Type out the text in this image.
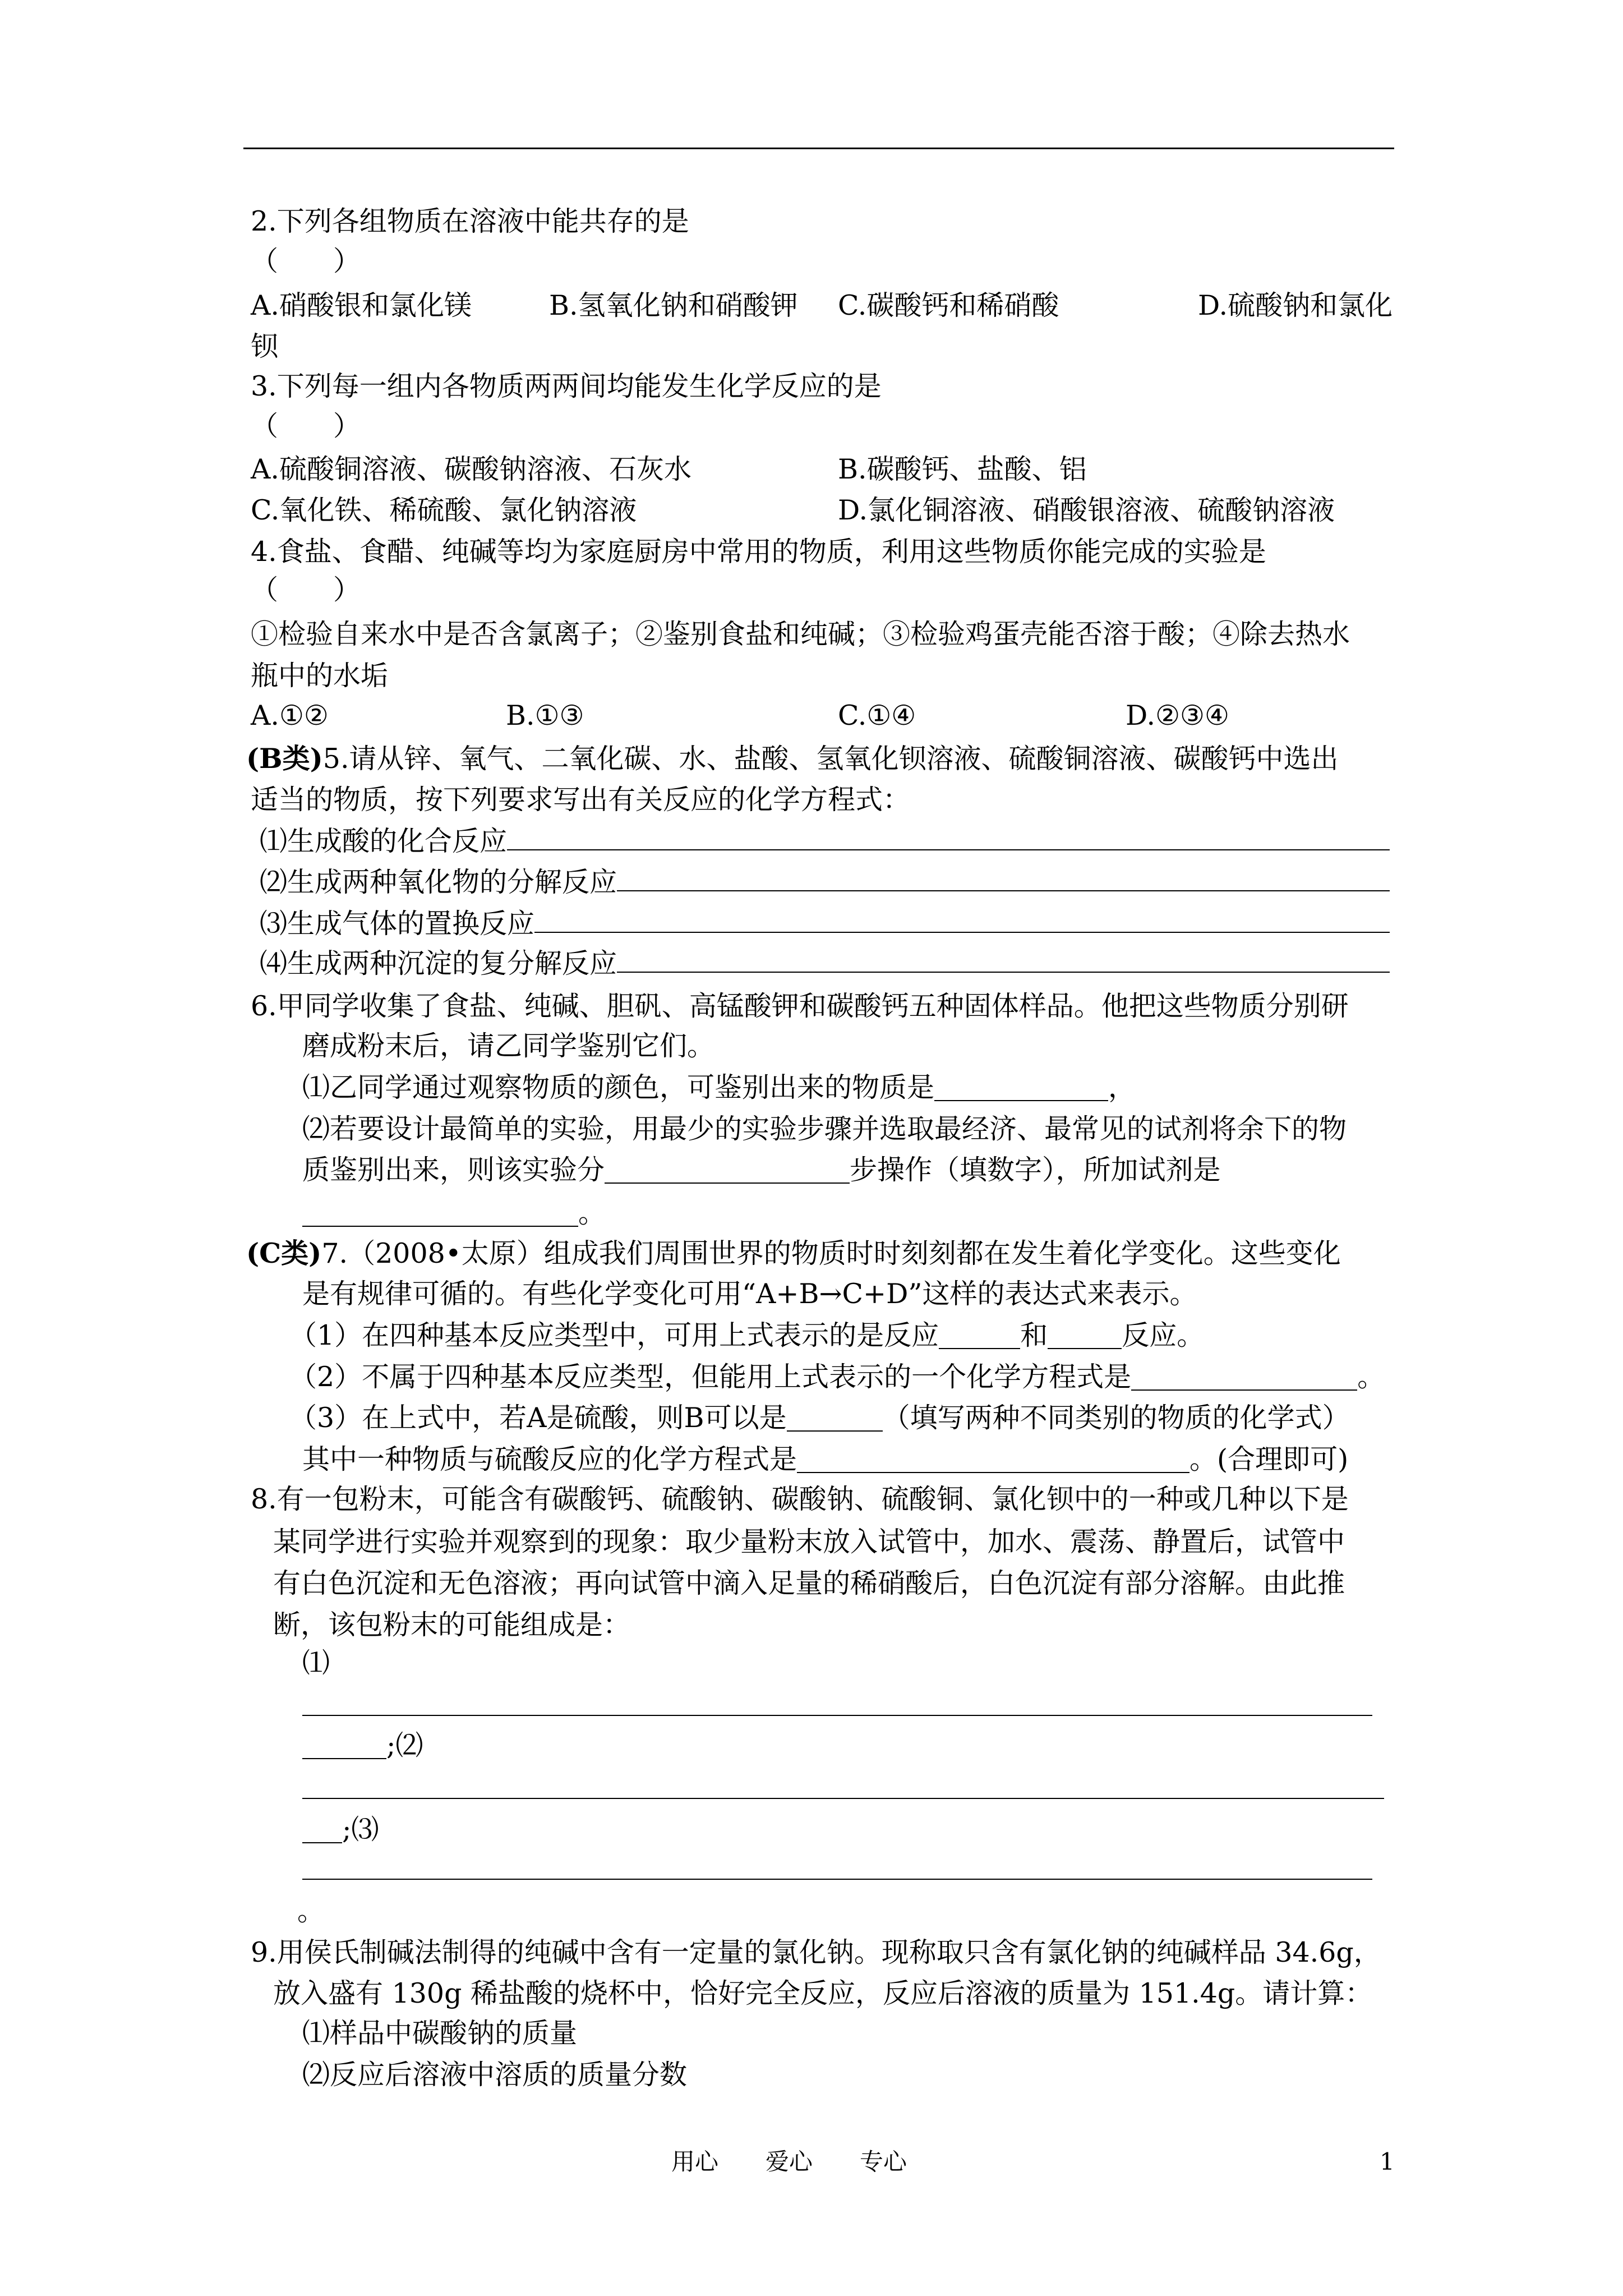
2.下列各组物质在溶液中能共存的是
（　　）
A.硝酸银和氯化镁	B.氢氧化钠和硝酸钾 C.碳酸钙和稀硝酸	D.硫酸钠和氯化
钡
3.下列每一组内各物质两两间均能发生化学反应的是
（　　）
A.硫酸铜溶液、碳酸钠溶液、石灰水	B.碳酸钙、盐酸、铝
C.氧化铁、稀硫酸、氯化钠溶液	D.氯化铜溶液、硝酸银溶液、硫酸钠溶液
4.食盐、食醋、纯碱等均为家庭厨房中常用的物质，利用这些物质你能完成的实验是
（　　）
①检验自来水中是否含氯离子；②鉴别食盐和纯碱；③检验鸡蛋壳能否溶于酸；④除去热水
瓶中的水垢
A.①②	B.①③	C.①④	D.②③④
(B类)5.请从锌、氧气、二氧化碳、水、盐酸、氢氧化钡溶液、硫酸铜溶液、碳酸钙中选出
适当的物质，按下列要求写出有关反应的化学方程式：
⑴生成酸的化合反应
⑵生成两种氧化物的分解反应
⑶生成气体的置换反应
⑷生成两种沉淀的复分解反应
6.甲同学收集了食盐、纯碱、胆矾、高锰酸钾和碳酸钙五种固体样品。他把这些物质分别研
磨成粉末后，请乙同学鉴别它们。
⑴乙同学通过观察物质的颜色，可鉴别出来的物质是	，
⑵若要设计最简单的实验，用最少的实验步骤并选取最经济、最常见的试剂将余下的物
质鉴别出来，则该实验分	步操作（填数字），所加试剂是
。
(C类)7.（2008•太原）组成我们周围世界的物质时时刻刻都在发生着化学变化。这些变化
是有规律可循的。有些化学变化可用“A+B→C+D”这样的表达式来表示。
（1）在四种基本反应类型中，可用上式表示的是反应	和	反应。
（2）不属于四种基本反应类型，但能用上式表示的一个化学方程式是	。
（3）在上式中，若A是硫酸，则B可以是	（填写两种不同类别的物质的化学式）
其中一种物质与硫酸反应的化学方程式是	。(合理即可)
8.有一包粉末，可能含有碳酸钙、硫酸钠、碳酸钠、硫酸铜、氯化钡中的一种或几种以下是
某同学进行实验并观察到的现象：取少量粉末放入试管中，加水、震荡、静置后，试管中
有白色沉淀和无色溶液；再向试管中滴入足量的稀硝酸后，白色沉淀有部分溶解。由此推
断，该包粉末的可能组成是：
⑴
;⑵
;⑶
。
9.用侯氏制碱法制得的纯碱中含有一定量的氯化钠。现称取只含有氯化钠的纯碱样品 34.6g，
放入盛有 130g 稀盐酸的烧杯中，恰好完全反应，反应后溶液的质量为 151.4g。请计算：
⑴样品中碳酸钠的质量
⑵反应后溶液中溶质的质量分数
用心　　爱心　　专心	1
